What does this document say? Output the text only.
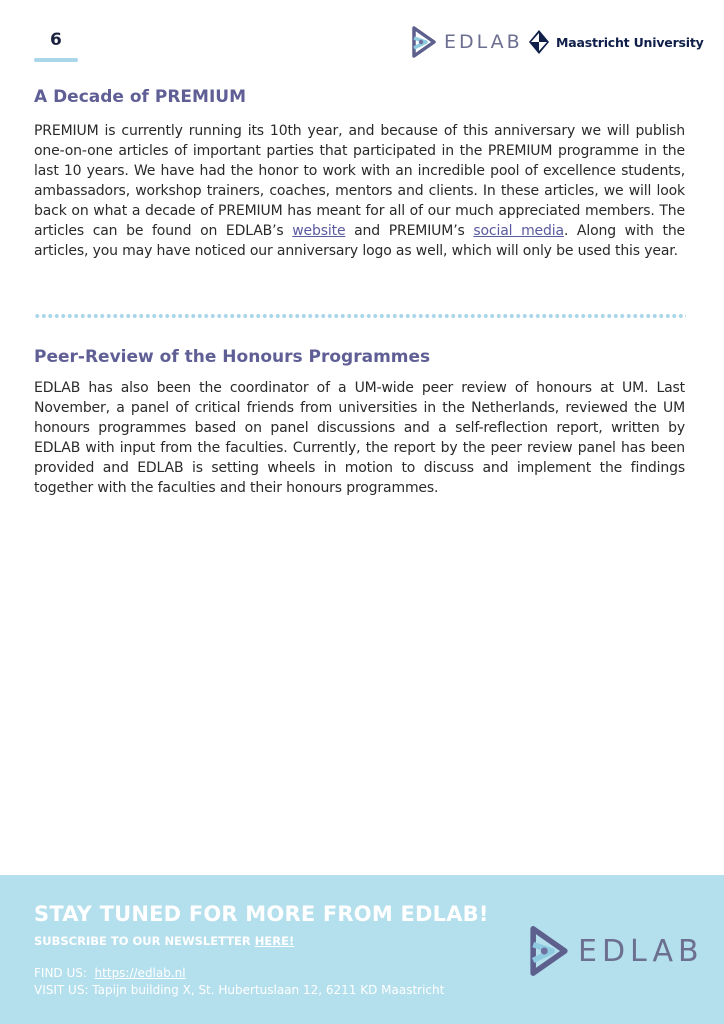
6	EDLAB	Maastricht University
A Decade of PREMIUM

PREMIUM is currently running its 10th year, and because of this anniversary we will publish one-on-one articles of important parties that participated in the PREMIUM programme in the last 10 years. We have had the honor to work with an incredible pool of excellence students, ambassadors, workshop trainers, coaches, mentors and clients. In these articles, we will look back on what a decade of PREMIUM has meant for all of our much appreciated members. The articles can be found on EDLAB’s website and PREMIUM’s social media. Along with the articles, you may have noticed our anniversary logo as well, which will only be used this year.

Peer-Review of the Honours Programmes

EDLAB has also been the coordinator of a UM-wide peer review of honours at UM. Last November, a panel of critical friends from universities in the Netherlands, reviewed the UM honours programmes based on panel discussions and a self-reflection report, written by EDLAB with input from the faculties. Currently, the report by the peer review panel has been provided and EDLAB is setting wheels in motion to discuss and implement the findings together with the faculties and their honours programmes.

STAY TUNED FOR MORE FROM EDLAB!
SUBSCRIBE TO OUR NEWSLETTER HERE!
FIND US:  https://edlab.nl
VISIT US: Tapijn building X, St. Hubertuslaan 12, 6211 KD Maastricht
EDLAB
